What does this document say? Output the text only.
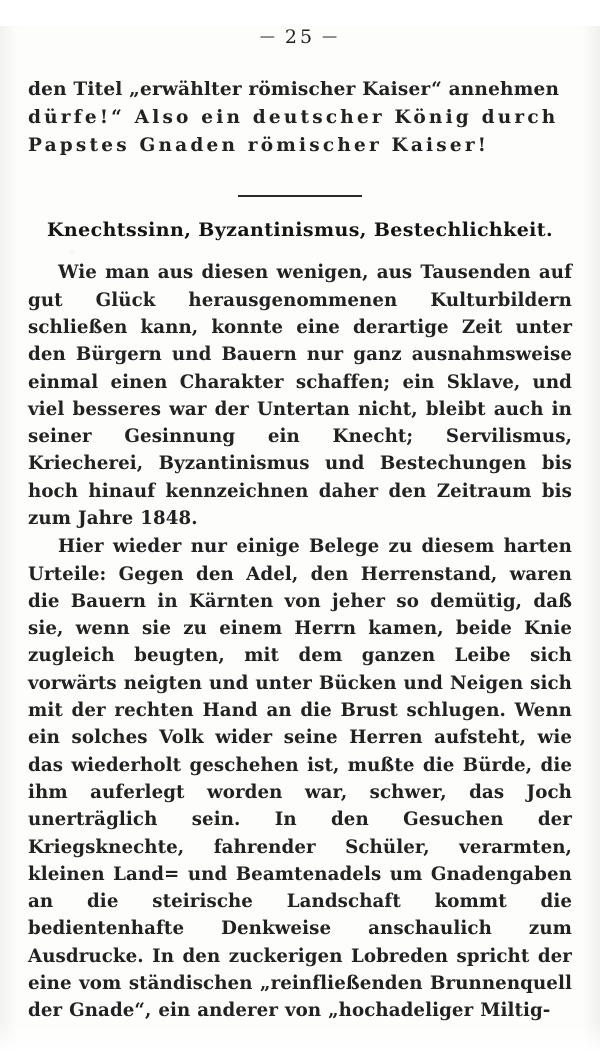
— 25 —
den Titel „erwählter römischer Kaiser“ annehmen
dürfe!“ Also ein deutscher König durch
Papstes Gnaden römischer Kaiser!
Knechtssinn, Byzantinismus, Bestechlichkeit.

Wie man aus diesen wenigen, aus Tausenden auf gut Glück herausgenommenen Kulturbildern schließen kann, konnte eine derartige Zeit unter den Bürgern und Bauern nur ganz ausnahmsweise einmal einen Charakter schaffen; ein Sklave, und viel besseres war der Untertan nicht, bleibt auch in seiner Gesinnung ein Knecht; Servilismus, Kriecherei, Byzantinismus und Bestechungen bis hoch hinauf kennzeichnen daher den Zeitraum bis zum Jahre 1848.

Hier wieder nur einige Belege zu diesem harten Urteile: Gegen den Adel, den Herrenstand, waren die Bauern in Kärnten von jeher so demütig, daß sie, wenn sie zu einem Herrn kamen, beide Knie zugleich beugten, mit dem ganzen Leibe sich vorwärts neigten und unter Bücken und Neigen sich mit der rechten Hand an die Brust schlugen. Wenn ein solches Volk wider seine Herren aufsteht, wie das wiederholt geschehen ist, mußte die Bürde, die ihm auferlegt worden war, schwer, das Joch unerträglich sein. In den Gesuchen der Kriegsknechte, fahrender Schüler, verarmten, kleinen Land= und Beamtenadels um Gnadengaben an die steirische Landschaft kommt die bedientenhafte Denkweise anschaulich zum Ausdrucke. In den zuckerigen Lobreden spricht der eine vom ständischen „reinfließenden Brunnenquell der Gnade“, ein anderer von „hochadeliger Miltig-
